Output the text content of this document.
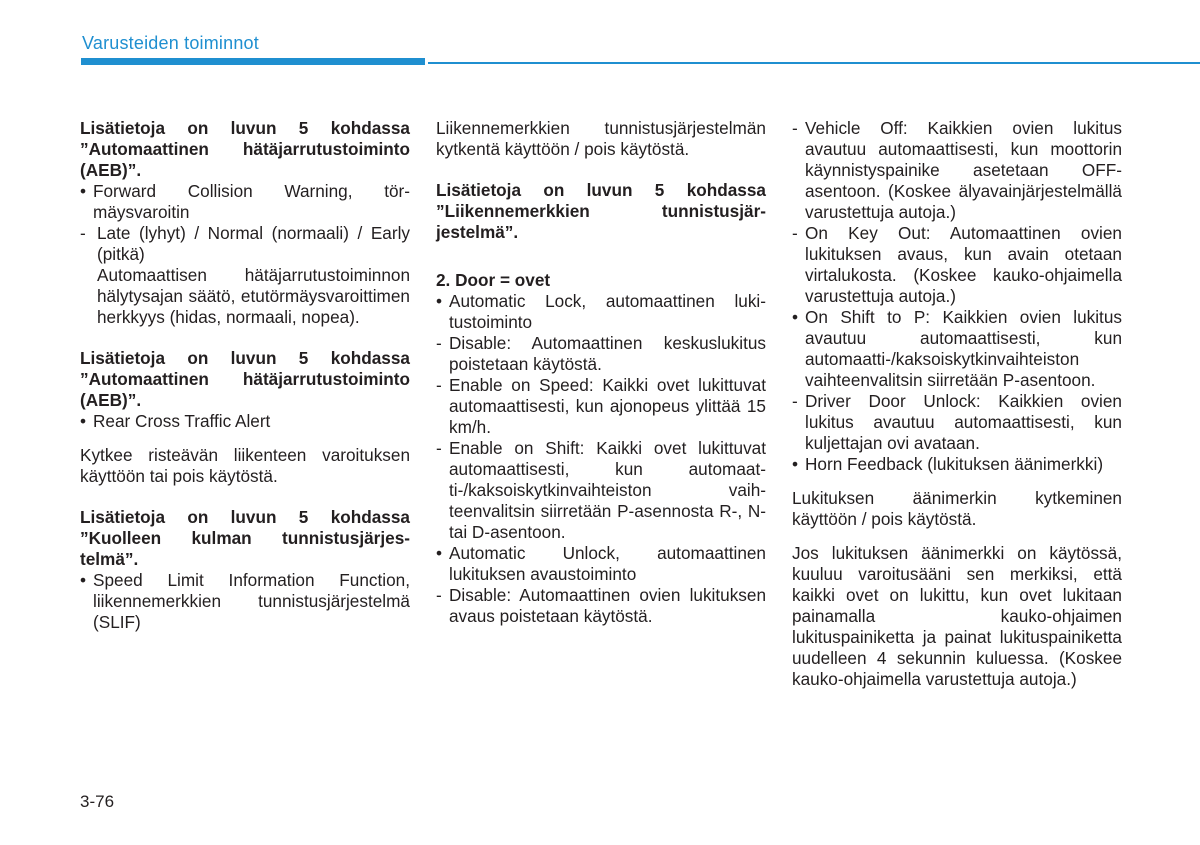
Varusteiden toiminnot

Lisätietoja on luvun 5 kohdassa ”Automaattinen hätäjarrutustoiminto (AEB)”.

• Forward Collision Warning, törmäysvaroitin
- Late (lyhyt) / Normal (normaali) / Early (pitkä)

Automaattisen hätäjarrutustoiminnon hälytysajan säätö, etutörmäysvaroittimen herkkyys (hidas, normaali, nopea).

Lisätietoja on luvun 5 kohdassa ”Automaattinen hätäjarrutustoiminto (AEB)”.

• Rear Cross Traffic Alert

Kytkee risteävän liikenteen varoituksen käyttöön tai pois käytöstä.

Lisätietoja on luvun 5 kohdassa ”Kuolleen kulman tunnistusjärjestelmä”.

• Speed Limit Information Function, liikennemerkkien tunnistusjärjestelmä (SLIF)

Liikennemerkkien tunnistusjärjestelmän kytkentä käyttöön / pois käytöstä.

Lisätietoja on luvun 5 kohdassa ”Liikennemerkkien tunnistusjärjestelmä”.

2. Door = ovet

• Automatic Lock, automaattinen lukitustoiminto
- Disable: Automaattinen keskuslukitus poistetaan käytöstä.
- Enable on Speed: Kaikki ovet lukittuvat automaattisesti, kun ajonopeus ylittää 15 km/h.
- Enable on Shift: Kaikki ovet lukittuvat automaattisesti, kun automaatti-/kaksoiskytkinvaihteiston vaihteenvalitsin siirretään P-asennosta R-, N- tai D-asentoon.
• Automatic Unlock, automaattinen lukituksen avaustoiminto
- Disable: Automaattinen ovien lukituksen avaus poistetaan käytöstä.
- Vehicle Off: Kaikkien ovien lukitus avautuu automaattisesti, kun moottorin käynnistyspainike asetetaan OFF-asentoon. (Koskee älyavainjärjestelmällä varustettuja autoja.)
- On Key Out: Automaattinen ovien lukituksen avaus, kun avain otetaan virtalukosta. (Koskee kauko-ohjaimella varustettuja autoja.)
• On Shift to P: Kaikkien ovien lukitus avautuu automaattisesti, kun automaatti-/kaksoiskytkinvaihteiston vaihteenvalitsin siirretään P-asentoon.
- Driver Door Unlock: Kaikkien ovien lukitus avautuu automaattisesti, kun kuljettajan ovi avataan.
• Horn Feedback (lukituksen äänimerkki)

Lukituksen äänimerkin kytkeminen käyttöön / pois käytöstä.

Jos lukituksen äänimerkki on käytössä, kuuluu varoitusääni sen merkiksi, että kaikki ovet on lukittu, kun ovet lukitaan painamalla kauko-ohjaimen lukituspainiketta ja painat lukituspainiketta uudelleen 4 sekunnin kuluessa. (Koskee kauko-ohjaimella varustettuja autoja.)

3-76
